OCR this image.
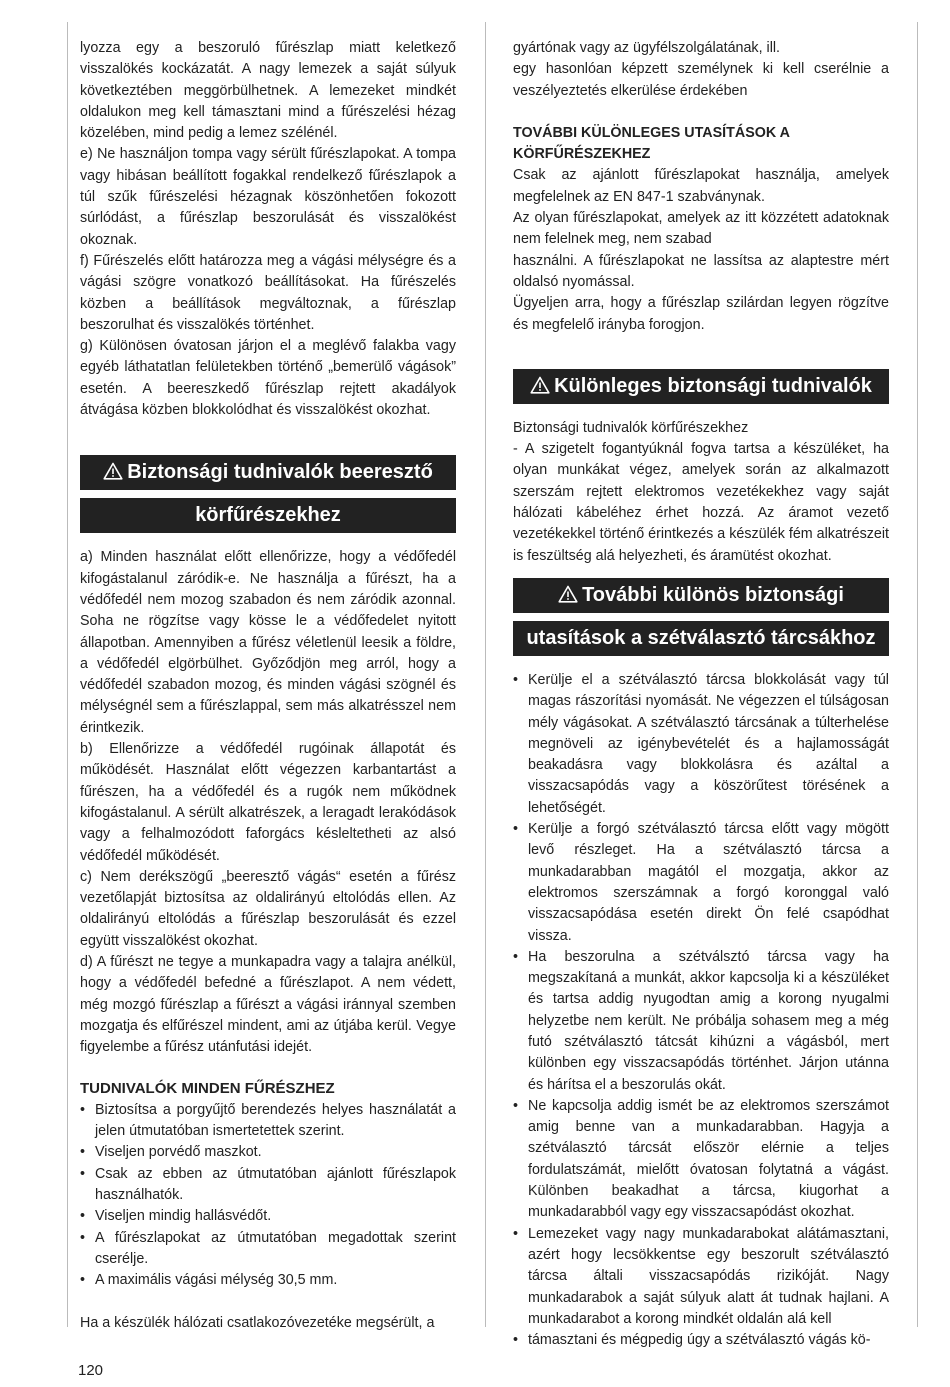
lyozza egy a beszoruló fűrészlap miatt keletkező visszalökés kockázatát. A nagy lemezek a saját súlyuk következtében meggörbülhetnek. A lemezeket mindkét oldalukon meg kell támasztani mind a fűrészelési hézag közelében, mind pedig a lemez szélénél.

e) Ne használjon tompa vagy sérült fűrészlapokat. A tompa vagy hibásan beállított fogakkal rendelkező fűrészlapok a túl szűk fűrészelési hézagnak köszönhetően fokozott súrlódást, a fűrészlap beszorulását és visszalökést okoznak.

f) Fűrészelés előtt határozza meg a vágási mélységre és a vágási szögre vonatkozó beállításokat. Ha fűrészelés közben a beállítások megváltoznak, a fűrészlap beszorulhat és visszalökés történhet.

g) Különösen óvatosan járjon el a meglévő falakba vagy egyéb láthatatlan felületekben történő „bemerülő vágások” esetén. A beereszkedő fűrészlap rejtett akadályok átvágása közben blokkolódhat és visszalökést okozhat.

Biztonsági tudnivalók beeresztő
körfűrészekhez

a) Minden használat előtt ellenőrizze, hogy a védőfedél kifogástalanul záródik-e. Ne használja a fűrészt, ha a védőfedél nem mozog szabadon és nem záródik azonnal. Soha ne rögzítse vagy kösse le a védőfedelet nyitott állapotban. Amennyiben a fűrész véletlenül leesik a földre, a védőfedél elgörbülhet. Győződjön meg arról, hogy a védőfedél szabadon mozog, és minden vágási szögnél és mélységnél sem a fűrészlappal, sem más alkatrésszel nem érintkezik.

b) Ellenőrizze a védőfedél rugóinak állapotát és működését. Használat előtt végezzen karbantartást a fűrészen, ha a védőfedél és a rugók nem működnek kifogástalanul. A sérült alkatrészek, a leragadt lerakódások vagy a felhalmozódott faforgács késleltetheti az alsó védőfedél működését.

c) Nem derékszögű „beeresztő vágás“ esetén a fűrész vezetőlapját biztosítsa az oldalirányú eltolódás ellen. Az oldalirányú eltolódás a fűrészlap beszorulását és ezzel együtt visszalökést okozhat.

d) A fűrészt ne tegye a munkapadra vagy a talajra anélkül, hogy a védőfedél befedné a fűrészlapot. A nem védett, még mozgó fűrészlap a fűrészt a vágási iránnyal szemben mozgatja és elfűrészel mindent, ami az útjába kerül. Vegye figyelembe a fűrész utánfutási idejét.

TUDNIVALÓK MINDEN FŰRÉSZHEZ
• Biztosítsa a porgyűjtő berendezés helyes használatát a jelen útmutatóban ismertetettek szerint.
• Viseljen porvédő maszkot.
• Csak az ebben az útmutatóban ajánlott fűrészlapok használhatók.
• Viseljen mindig hallásvédőt.
• A fűrészlapokat az útmutatóban megadottak szerint cserélje.
• A maximális vágási mélység 30,5 mm.

Ha a készülék hálózati csatlakozóvezetéke megsérült, a

gyártónak vagy az ügyfélszolgálatának, ill.

egy hasonlóan képzett személynek ki kell cserélnie a veszélyeztetés elkerülése érdekében

TOVÁBBI KÜLÖNLEGES UTASÍTÁSOK A KÖRFŰRÉSZEKHEZ

Csak az ajánlott fűrészlapokat használja, amelyek megfelelnek az EN 847-1 szabványnak.

Az olyan fűrészlapokat, amelyek az itt közzétett adatoknak nem felelnek meg, nem szabad

használni. A fűrészlapokat ne lassítsa az alaptestre mért oldalsó nyomással.

Ügyeljen arra, hogy a fűrészlap szilárdan legyen rögzítve és megfelelő irányba forogjon.

Különleges biztonsági tudnivalók

Biztonsági tudnivalók körfűrészekhez

- A szigetelt fogantyúknál fogva tartsa a készüléket, ha olyan munkákat végez, amelyek során az alkalmazott szerszám rejtett elektromos vezetékekhez vagy saját hálózati kábeléhez érhet hozzá. Az áramot vezető vezetékekkel történő érintkezés a készülék fém alkatrészeit is feszültség alá helyezheti, és áramütést okozhat.

További különös biztonsági
utasítások a szétválasztó tárcsákhoz
• Kerülje el a szétválasztó tárcsa blokkolását vagy túl magas rászorítási nyomását. Ne végezzen el túlságosan mély vágásokat. A szétválasztó tárcsának a túlterhelése megnöveli az igénybevételét és a hajlamosságát beakadásra vagy blokkolásra és azáltal a visszacsapódás vagy a köszörűtest törésének a lehetőségét.
• Kerülje a forgó szétválasztó tárcsa előtt vagy mögött levő részleget. Ha a szétválasztó tárcsa a munkadarabban magától el mozgatja, akkor az elektromos szerszámnak a forgó koronggal való visszacsapódása esetén direkt Ön felé csapódhat vissza.
• Ha beszorulna a szétválsztó tárcsa vagy ha megszakítaná a munkát, akkor kapcsolja ki a készüléket és tartsa addig nyugodtan amig a korong nyugalmi helyzetbe nem került. Ne próbálja sohasem meg a még futó szétválasztó tátcsát kihúzni a vágásból, mert különben egy visszacsapódás történhet. Járjon utánna és hárítsa el a beszorulás okát.
• Ne kapcsolja addig ismét be az elektromos szerszámot amig benne van a munkadarabban. Hagyja a szétválasztó tárcsát először elérnie a teljes fordulatszámát, mielőtt óvatosan folytatná a vágást. Különben beakadhat a tárcsa, kiugorhat a munkadarabból vagy egy visszacsapódást okozhat.
• Lemezeket vagy nagy munkadarabokat alátámasztani, azért hogy lecsökkentse egy beszorult szétválasztó tárcsa általi visszacsapódás rizikóját. Nagy munkadarabok a saját súlyuk alatt át tudnak hajlani. A munkadarabot a korong mindkét oldalán alá kell
• támasztani és mégpedig úgy a szétválasztó vágás kö-
120
